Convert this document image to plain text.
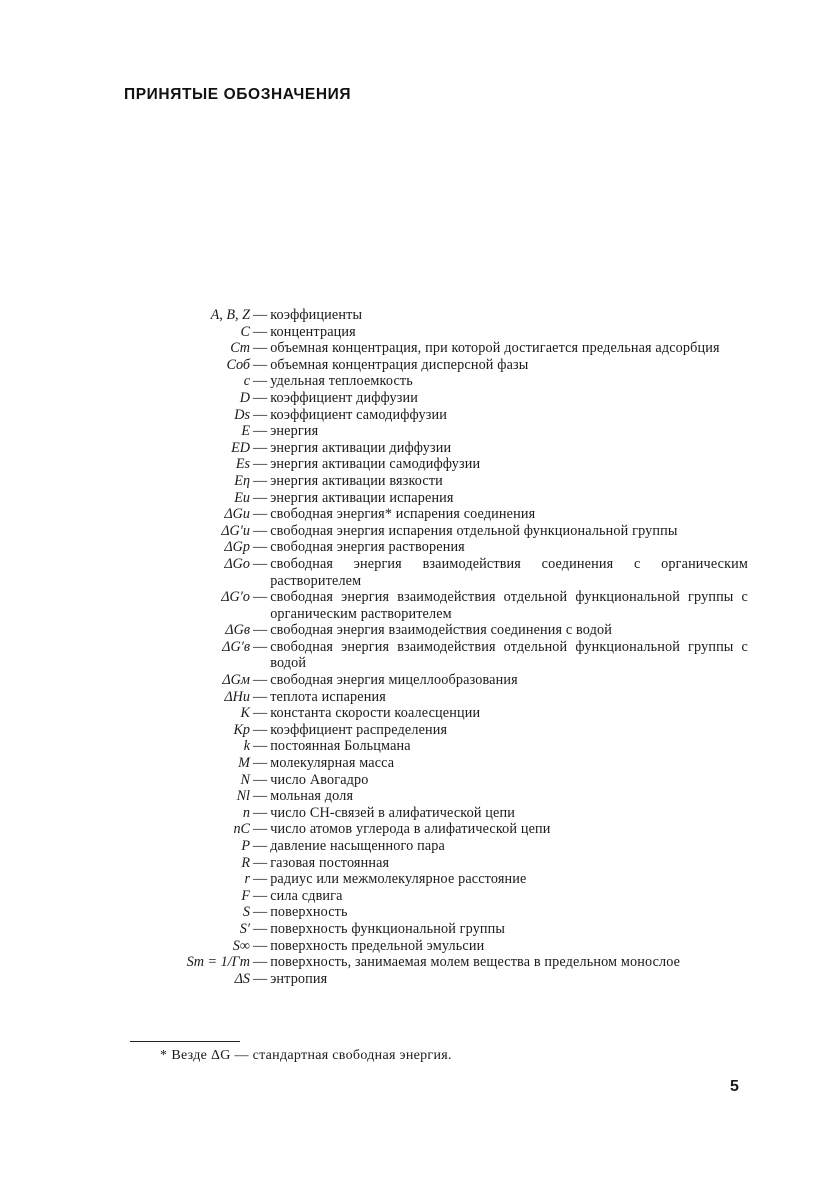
ПРИНЯТЫЕ ОБОЗНАЧЕНИЯ
A, B, Z — коэффициенты
C — концентрация
Cm — объемная концентрация, при которой достигается предельная адсорбция
Cоб — объемная концентрация дисперсной фазы
c — удельная теплоемкость
D — коэффициент диффузии
Ds — коэффициент самодиффузии
E — энергия
ED — энергия активации диффузии
Es — энергия активации самодиффузии
Eη — энергия активации вязкости
Eи — энергия активации испарения
ΔGи — свободная энергия* испарения соединения
ΔG′и — свободная энергия испарения отдельной функциональной группы
ΔGр — свободная энергия растворения
ΔGо — свободная энергия взаимодействия соединения с органическим растворителем
ΔG′о — свободная энергия взаимодействия отдельной функциональной группы с органическим растворителем
ΔGв — свободная энергия взаимодействия соединения с водой
ΔG′в — свободная энергия взаимодействия отдельной функциональной группы с водой
ΔGм — свободная энергия мицеллообразования
ΔHи — теплота испарения
K — константа скорости коалесценции
Kр — коэффициент распределения
k — постоянная Больцмана
M — молекулярная масса
N — число Авогадро
Nl — мольная доля
n — число CH-связей в алифатической цепи
nC — число атомов углерода в алифатической цепи
P — давление насыщенного пара
R — газовая постоянная
r — радиус или межмолекулярное расстояние
F — сила сдвига
S — поверхность
S′ — поверхность функциональной группы
S∞ — поверхность предельной эмульсии
Sm = 1/Γm — поверхность, занимаемая молем вещества в предельном монослое
ΔS — энтропия
* Везде ΔG — стандартная свободная энергия.
5
